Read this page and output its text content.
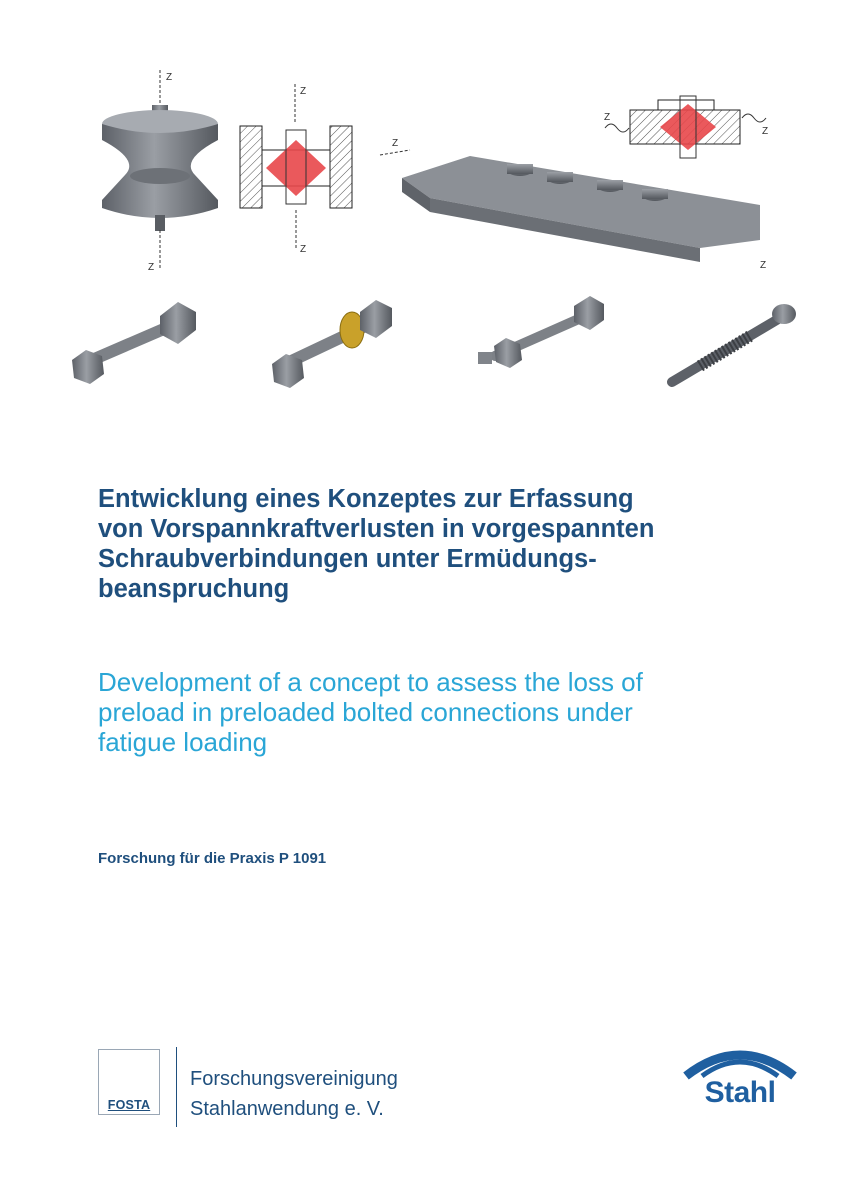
Z
Z
Z
Z
Z
Z
Z
Z
Entwicklung eines Konzeptes zur Erfassung
von Vorspannkraftverlusten in vorgespannten
Schraubverbindungen unter Ermüdungs-
beanspruchung
Development of a concept to assess the loss of
preload in preloaded bolted connections under
fatigue loading
Forschung für die Praxis P 1091
FOSTA
Forschungsvereinigung
Stahlanwendung e. V.	Stahl
